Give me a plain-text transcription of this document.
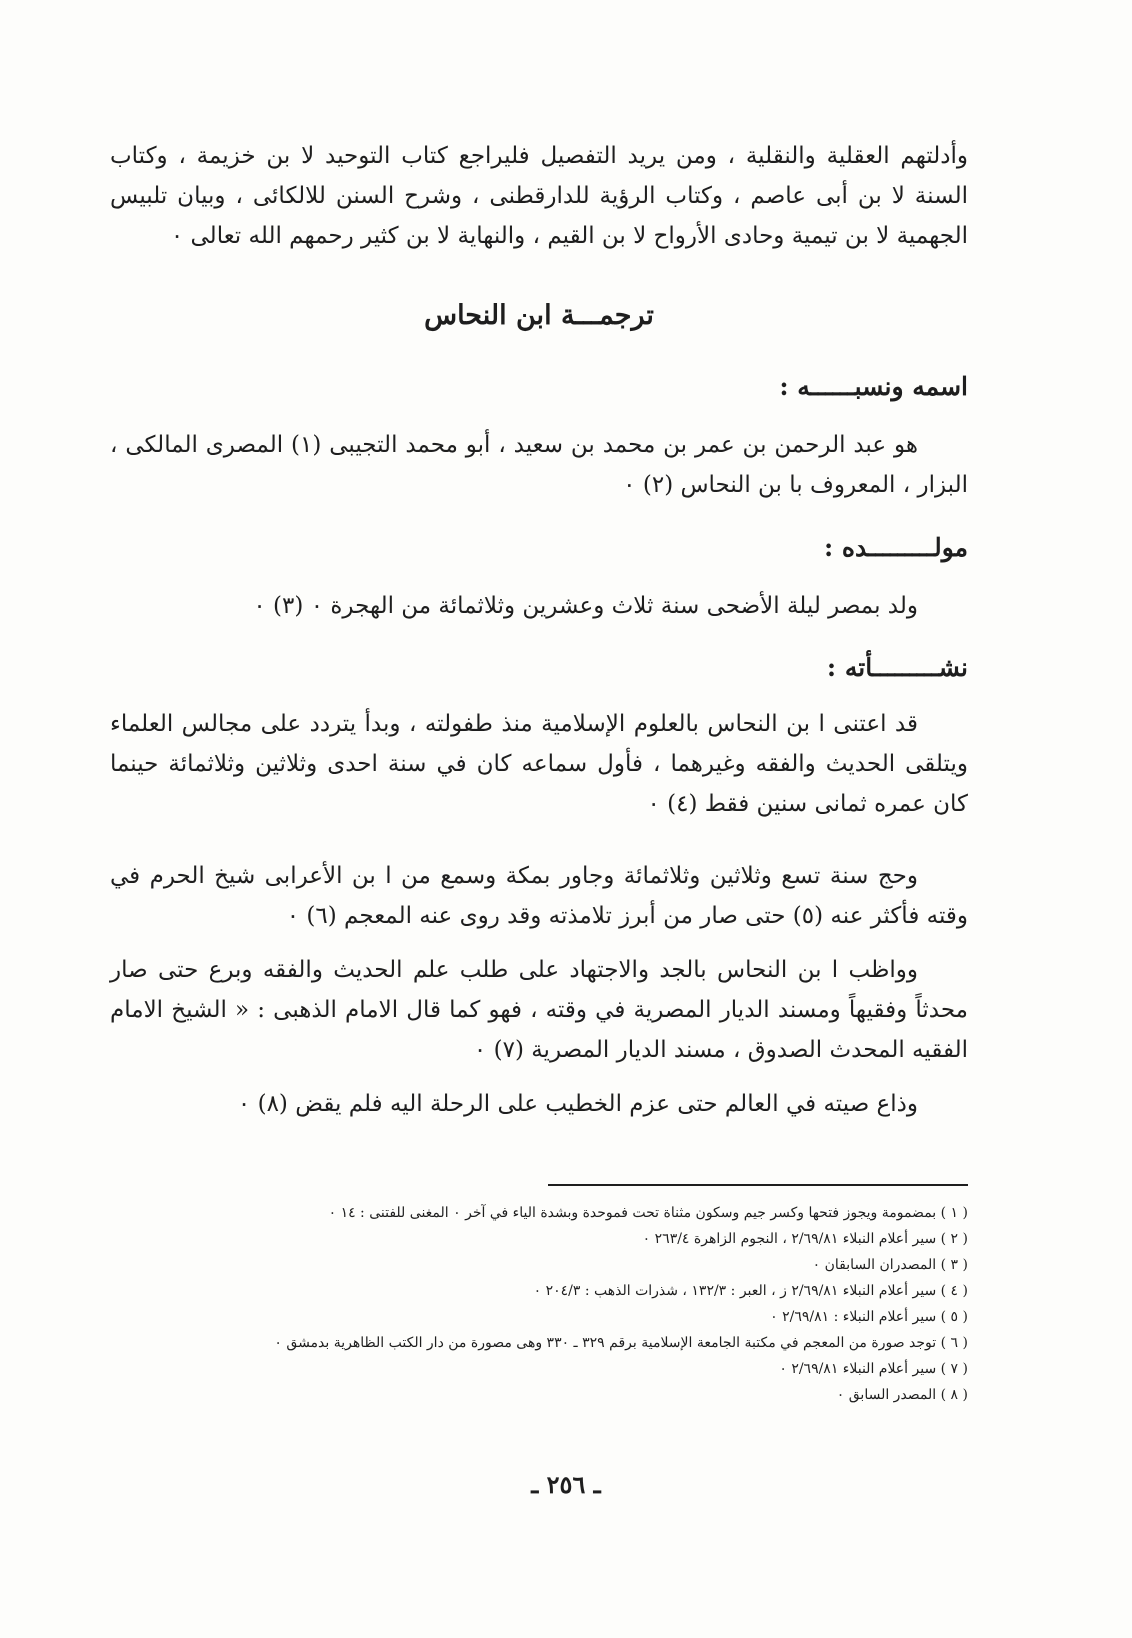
وأدلتهم العقلية والنقلية ، ومن يريد التفصيل فليراجع كتاب التوحيد لا بن خزيمة ، وكتاب السنة لا بن أبى عاصم ، وكتاب الرؤية للدارقطنى ، وشرح السنن للالكائى ، وبيان تلبيس الجهمية لا بن تيمية وحادى الأرواح لا بن القيم ، والنهاية لا بن كثير رحمهم الله تعالى ٠

ترجمـــة ابن النحاس
اسمه ونسبــــــه :

هو عبد الرحمن بن عمر بن محمد بن سعيد ، أبو محمد التجيبى (١) المصرى المالكى ، البزار ، المعروف با بن النحاس (٢) ٠

مولـــــــــده :

ولد بمصر ليلة الأضحى سنة ثلاث وعشرين وثلاثمائة من الهجرة ٠ (٣) ٠

نشـــــــــأته :

قد اعتنى ا بن النحاس بالعلوم الإسلامية منذ طفولته ، وبدأ يتردد على مجالس العلماء ويتلقى الحديث والفقه وغيرهما ، فأول سماعه كان في سنة احدى وثلاثين وثلاثمائة حينما كان عمره ثمانى سنين فقط (٤) ٠

وحج سنة تسع وثلاثين وثلاثمائة وجاور بمكة وسمع من ا بن الأعرابى شيخ الحرم في وقته فأكثر عنه (٥) حتى صار من أبرز تلامذته وقد روى عنه المعجم (٦) ٠

وواظب ا بن النحاس بالجد والاجتهاد على طلب علم الحديث والفقه وبرع حتى صار محدثاً وفقيهاً ومسند الديار المصرية في وقته ، فهو كما قال الامام الذهبى : « الشيخ الامام الفقيه المحدث الصدوق ، مسند الديار المصرية (٧) ٠

وذاع صيته في العالم حتى عزم الخطيب على الرحلة اليه فلم يقض (٨) ٠

( ١ ) بمضمومة ويجوز فتحها وكسر جيم وسكون مثناة تحت فموحدة وبشدة الياء في آخر ٠ المغنى للفتنى : ١٤ ٠
( ٢ ) سير أعلام النبلاء ٢/٦٩/٨١ ، النجوم الزاهرة ٢٦٣/٤ ٠
( ٣ ) المصدران السابقان ٠
( ٤ ) سير أعلام النبلاء ٢/٦٩/٨١ ز ، العبر : ١٣٢/٣ ، شذرات الذهب : ٢٠٤/٣ ٠
( ٥ ) سير أعلام النبلاء : ٢/٦٩/٨١ ٠
( ٦ ) توجد صورة من المعجم في مكتبة الجامعة الإسلامية برقم ٣٢٩ ـ ٣٣٠ وهى مصورة من دار الكتب الظاهرية بدمشق ٠
( ٧ ) سير أعلام النبلاء ٢/٦٩/٨١ ٠
( ٨ ) المصدر السابق ٠
ـ ٢٥٦ ـ
